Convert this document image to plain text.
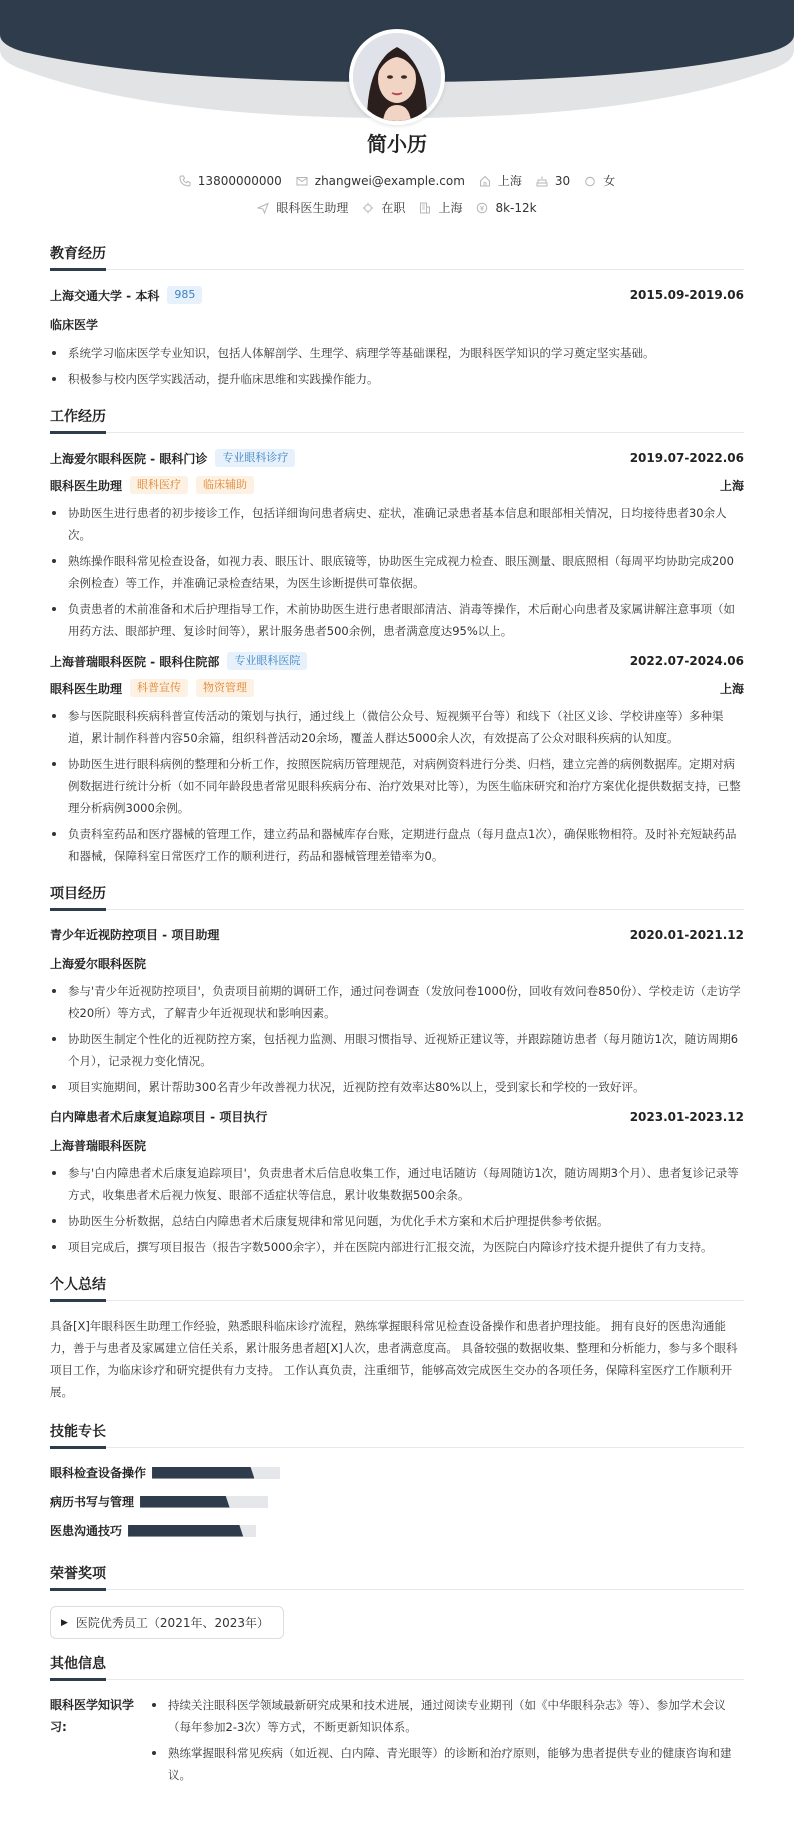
简小历
13800000000	zhangwei@example.com	上海	30	女
眼科医生助理	在职	上海	8k-12k
教育经历
上海交通大学 - 本科	985	2015.09-2019.06
临床医学
系统学习临床医学专业知识，包括人体解剖学、生理学、病理学等基础课程，为眼科医学知识的学习奠定坚实基础。
积极参与校内医学实践活动，提升临床思维和实践操作能力。
工作经历
上海爱尔眼科医院 - 眼科门诊	专业眼科诊疗	2019.07-2022.06
眼科医生助理	眼科医疗	临床辅助	上海
协助医生进行患者的初步接诊工作，包括详细询问患者病史、症状，准确记录患者基本信息和眼部相关情况，日均接待患者30余人次。
熟练操作眼科常见检查设备，如视力表、眼压计、眼底镜等，协助医生完成视力检查、眼压测量、眼底照相（每周平均协助完成200余例检查）等工作，并准确记录检查结果，为医生诊断提供可靠依据。
负责患者的术前准备和术后护理指导工作，术前协助医生进行患者眼部清洁、消毒等操作，术后耐心向患者及家属讲解注意事项（如用药方法、眼部护理、复诊时间等），累计服务患者500余例，患者满意度达95%以上。
上海普瑞眼科医院 - 眼科住院部	专业眼科医院	2022.07-2024.06
眼科医生助理	科普宣传	物资管理	上海
参与医院眼科疾病科普宣传活动的策划与执行，通过线上（微信公众号、短视频平台等）和线下（社区义诊、学校讲座等）多种渠道，累计制作科普内容50余篇，组织科普活动20余场，覆盖人群达5000余人次，有效提高了公众对眼科疾病的认知度。
协助医生进行眼科病例的整理和分析工作，按照医院病历管理规范，对病例资料进行分类、归档，建立完善的病例数据库。定期对病例数据进行统计分析（如不同年龄段患者常见眼科疾病分布、治疗效果对比等），为医生临床研究和治疗方案优化提供数据支持，已整理分析病例3000余例。
负责科室药品和医疗器械的管理工作，建立药品和器械库存台账，定期进行盘点（每月盘点1次），确保账物相符。及时补充短缺药品和器械，保障科室日常医疗工作的顺利进行，药品和器械管理差错率为0。
项目经历
青少年近视防控项目 - 项目助理	2020.01-2021.12
上海爱尔眼科医院
参与'青少年近视防控项目'，负责项目前期的调研工作，通过问卷调查（发放问卷1000份，回收有效问卷850份）、学校走访（走访学校20所）等方式，了解青少年近视现状和影响因素。
协助医生制定个性化的近视防控方案，包括视力监测、用眼习惯指导、近视矫正建议等，并跟踪随访患者（每月随访1次，随访周期6个月），记录视力变化情况。
项目实施期间，累计帮助300名青少年改善视力状况，近视防控有效率达80%以上，受到家长和学校的一致好评。
白内障患者术后康复追踪项目 - 项目执行	2023.01-2023.12
上海普瑞眼科医院
参与'白内障患者术后康复追踪项目'，负责患者术后信息收集工作，通过电话随访（每周随访1次，随访周期3个月）、患者复诊记录等方式，收集患者术后视力恢复、眼部不适症状等信息，累计收集数据500余条。
协助医生分析数据，总结白内障患者术后康复规律和常见问题，为优化手术方案和术后护理提供参考依据。
项目完成后，撰写项目报告（报告字数5000余字），并在医院内部进行汇报交流，为医院白内障诊疗技术提升提供了有力支持。
个人总结
具备[X]年眼科医生助理工作经验，熟悉眼科临床诊疗流程，熟练掌握眼科常见检查设备操作和患者护理技能。 拥有良好的医患沟通能力，善于与患者及家属建立信任关系，累计服务患者超[X]人次，患者满意度高。 具备较强的数据收集、整理和分析能力，参与多个眼科项目工作，为临床诊疗和研究提供有力支持。 工作认真负责，注重细节，能够高效完成医生交办的各项任务，保障科室医疗工作顺利开展。
技能专长
眼科检查设备操作
病历书写与管理
医患沟通技巧
荣誉奖项
▶ 医院优秀员工（2021年、2023年）
其他信息
眼科医学知识学习:
持续关注眼科医学领域最新研究成果和技术进展，通过阅读专业期刊（如《中华眼科杂志》等）、参加学术会议（每年参加2-3次）等方式，不断更新知识体系。
熟练掌握眼科常见疾病（如近视、白内障、青光眼等）的诊断和治疗原则，能够为患者提供专业的健康咨询和建议。
